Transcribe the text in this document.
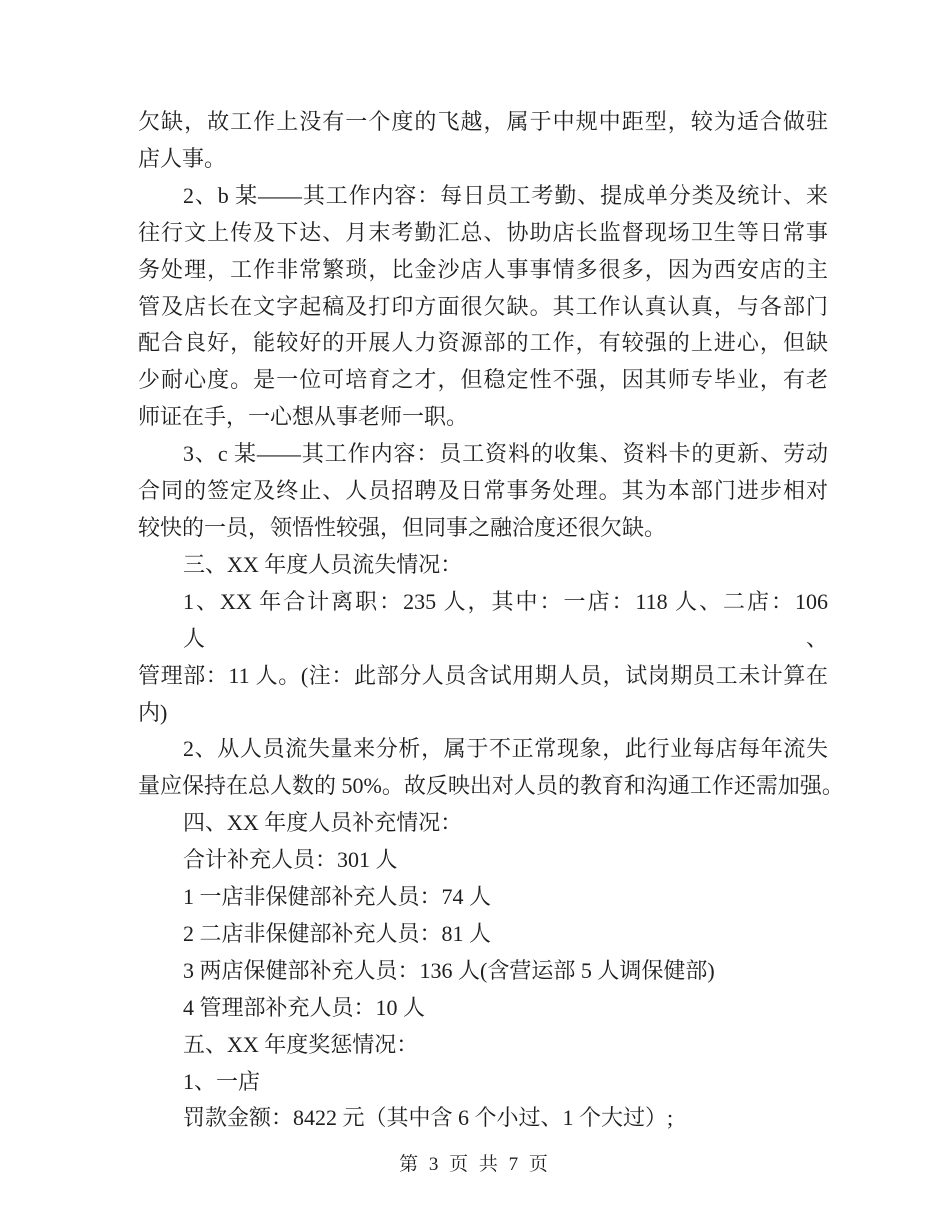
欠缺，故工作上没有一个度的飞越，属于中规中距型，较为适合做驻
店人事。
2、b 某——其工作内容：每日员工考勤、提成单分类及统计、来
往行文上传及下达、月末考勤汇总、协助店长监督现场卫生等日常事
务处理，工作非常繁琐，比金沙店人事事情多很多，因为西安店的主
管及店长在文字起稿及打印方面很欠缺。其工作认真认真，与各部门
配合良好，能较好的开展人力资源部的工作，有较强的上进心，但缺
少耐心度。是一位可培育之才，但稳定性不强，因其师专毕业，有老
师证在手，一心想从事老师一职。
3、c 某——其工作内容：员工资料的收集、资料卡的更新、劳动
合同的签定及终止、人员招聘及日常事务处理。其为本部门进步相对
较快的一员，领悟性较强，但同事之融洽度还很欠缺。
三、XX 年度人员流失情况：
1、XX 年合计离职：235 人，其中：一店：118 人、二店：106 人、
管理部：11 人。(注：此部分人员含试用期人员，试岗期员工未计算在
内)
2、从人员流失量来分析，属于不正常现象，此行业每店每年流失
量应保持在总人数的 50%。故反映出对人员的教育和沟通工作还需加强。
四、XX 年度人员补充情况：
合计补充人员：301 人
1 一店非保健部补充人员：74 人
2 二店非保健部补充人员：81 人
3 两店保健部补充人员：136 人(含营运部 5 人调保健部)
4 管理部补充人员：10 人
五、XX 年度奖惩情况：
1、一店
罚款金额：8422 元（其中含 6 个小过、1 个大过）;
第 3 页 共 7 页
